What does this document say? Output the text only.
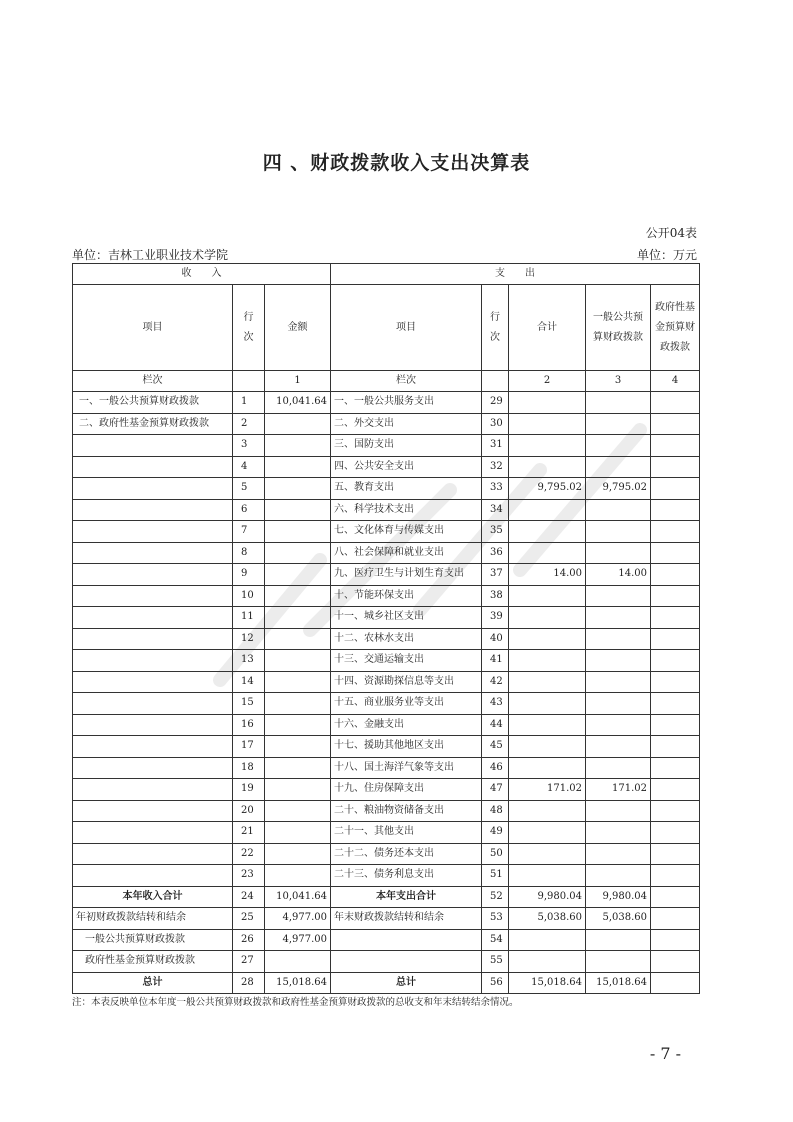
四 、财政拨款收入支出决算表
公开04表
单位：吉林工业职业技术学院	单位：万元
收　　入			支　　出				
项目	行次	金额	项目	行次	合计	一般公共预算财政拨款	政府性基金预算财政拨款
栏次		1	栏次		2	3	4
一、一般公共预算财政拨款	1	10,041.64	一、一般公共服务支出	29			
二、政府性基金预算财政拨款	2		二、外交支出	30			
	3		三、国防支出	31			
	4		四、公共安全支出	32			
	5		五、教育支出	33	9,795.02	9,795.02	
	6		六、科学技术支出	34			
	7		七、文化体育与传媒支出	35			
	8		八、社会保障和就业支出	36			
	9		九、医疗卫生与计划生育支出	37	14.00	14.00	
	10		十、节能环保支出	38			
	11		十一、城乡社区支出	39			
	12		十二、农林水支出	40			
	13		十三、交通运输支出	41			
	14		十四、资源勘探信息等支出	42			
	15		十五、商业服务业等支出	43			
	16		十六、金融支出	44			
	17		十七、援助其他地区支出	45			
	18		十八、国土海洋气象等支出	46			
	19		十九、住房保障支出	47	171.02	171.02	
	20		二十、粮油物资储备支出	48			
	21		二十一、其他支出	49			
	22		二十二、债务还本支出	50			
	23		二十三、债务利息支出	51			
本年收入合计	24	10,041.64	本年支出合计	52	9,980.04	9,980.04	
年初财政拨款结转和结余	25	4,977.00	年末财政拨款结转和结余	53	5,038.60	5,038.60	
一般公共预算财政拨款	26	4,977.00		54			
政府性基金预算财政拨款	27			55			
总计	28	15,018.64	总计	56	15,018.64	15,018.64	
注：本表反映单位本年度一般公共预算财政拨款和政府性基金预算财政拨款的总收支和年末结转结余情况。
- 7 -
